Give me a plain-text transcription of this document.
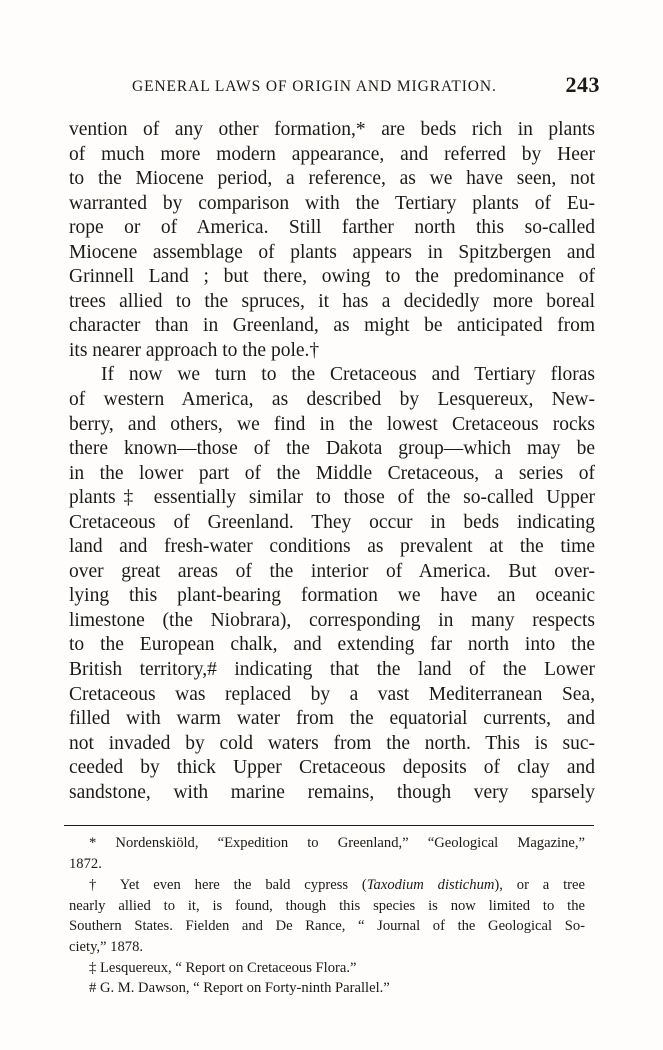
GENERAL LAWS OF ORIGIN AND MIGRATION.	243
vention of any other formation,* are beds rich in plants
of much more modern appearance, and referred by Heer
to the Miocene period, a reference, as we have seen, not
warranted by comparison with the Tertiary plants of Eu-
rope or of America. Still farther north this so-called
Miocene assemblage of plants appears in Spitzbergen and
Grinnell Land ; but there, owing to the predominance of
trees allied to the spruces, it has a decidedly more boreal
character than in Greenland, as might be anticipated from
its nearer approach to the pole.†
If now we turn to the Cretaceous and Tertiary floras
of western America, as described by Lesquereux, New-
berry, and others, we find in the lowest Cretaceous rocks
there known—those of the Dakota group—which may be
in the lower part of the Middle Cretaceous, a series of
plants‡ essentially similar to those of the so-called Upper
Cretaceous of Greenland. They occur in beds indicating
land and fresh-water conditions as prevalent at the time
over great areas of the interior of America. But over-
lying this plant-bearing formation we have an oceanic
limestone (the Niobrara), corresponding in many respects
to the European chalk, and extending far north into the
British territory,# indicating that the land of the Lower
Cretaceous was replaced by a vast Mediterranean Sea,
filled with warm water from the equatorial currents, and
not invaded by cold waters from the north. This is suc-
ceeded by thick Upper Cretaceous deposits of clay and
sandstone, with marine remains, though very sparsely
* Nordenskiöld, “Expedition to Greenland,” “Geological Magazine,”
1872.
† Yet even here the bald cypress (Taxodium distichum), or a tree
nearly allied to it, is found, though this species is now limited to the
Southern States. Fielden and De Rance, “ Journal of the Geological So-
ciety,” 1878.
‡ Lesquereux, “ Report on Cretaceous Flora.”
# G. M. Dawson, “ Report on Forty-ninth Parallel.”
